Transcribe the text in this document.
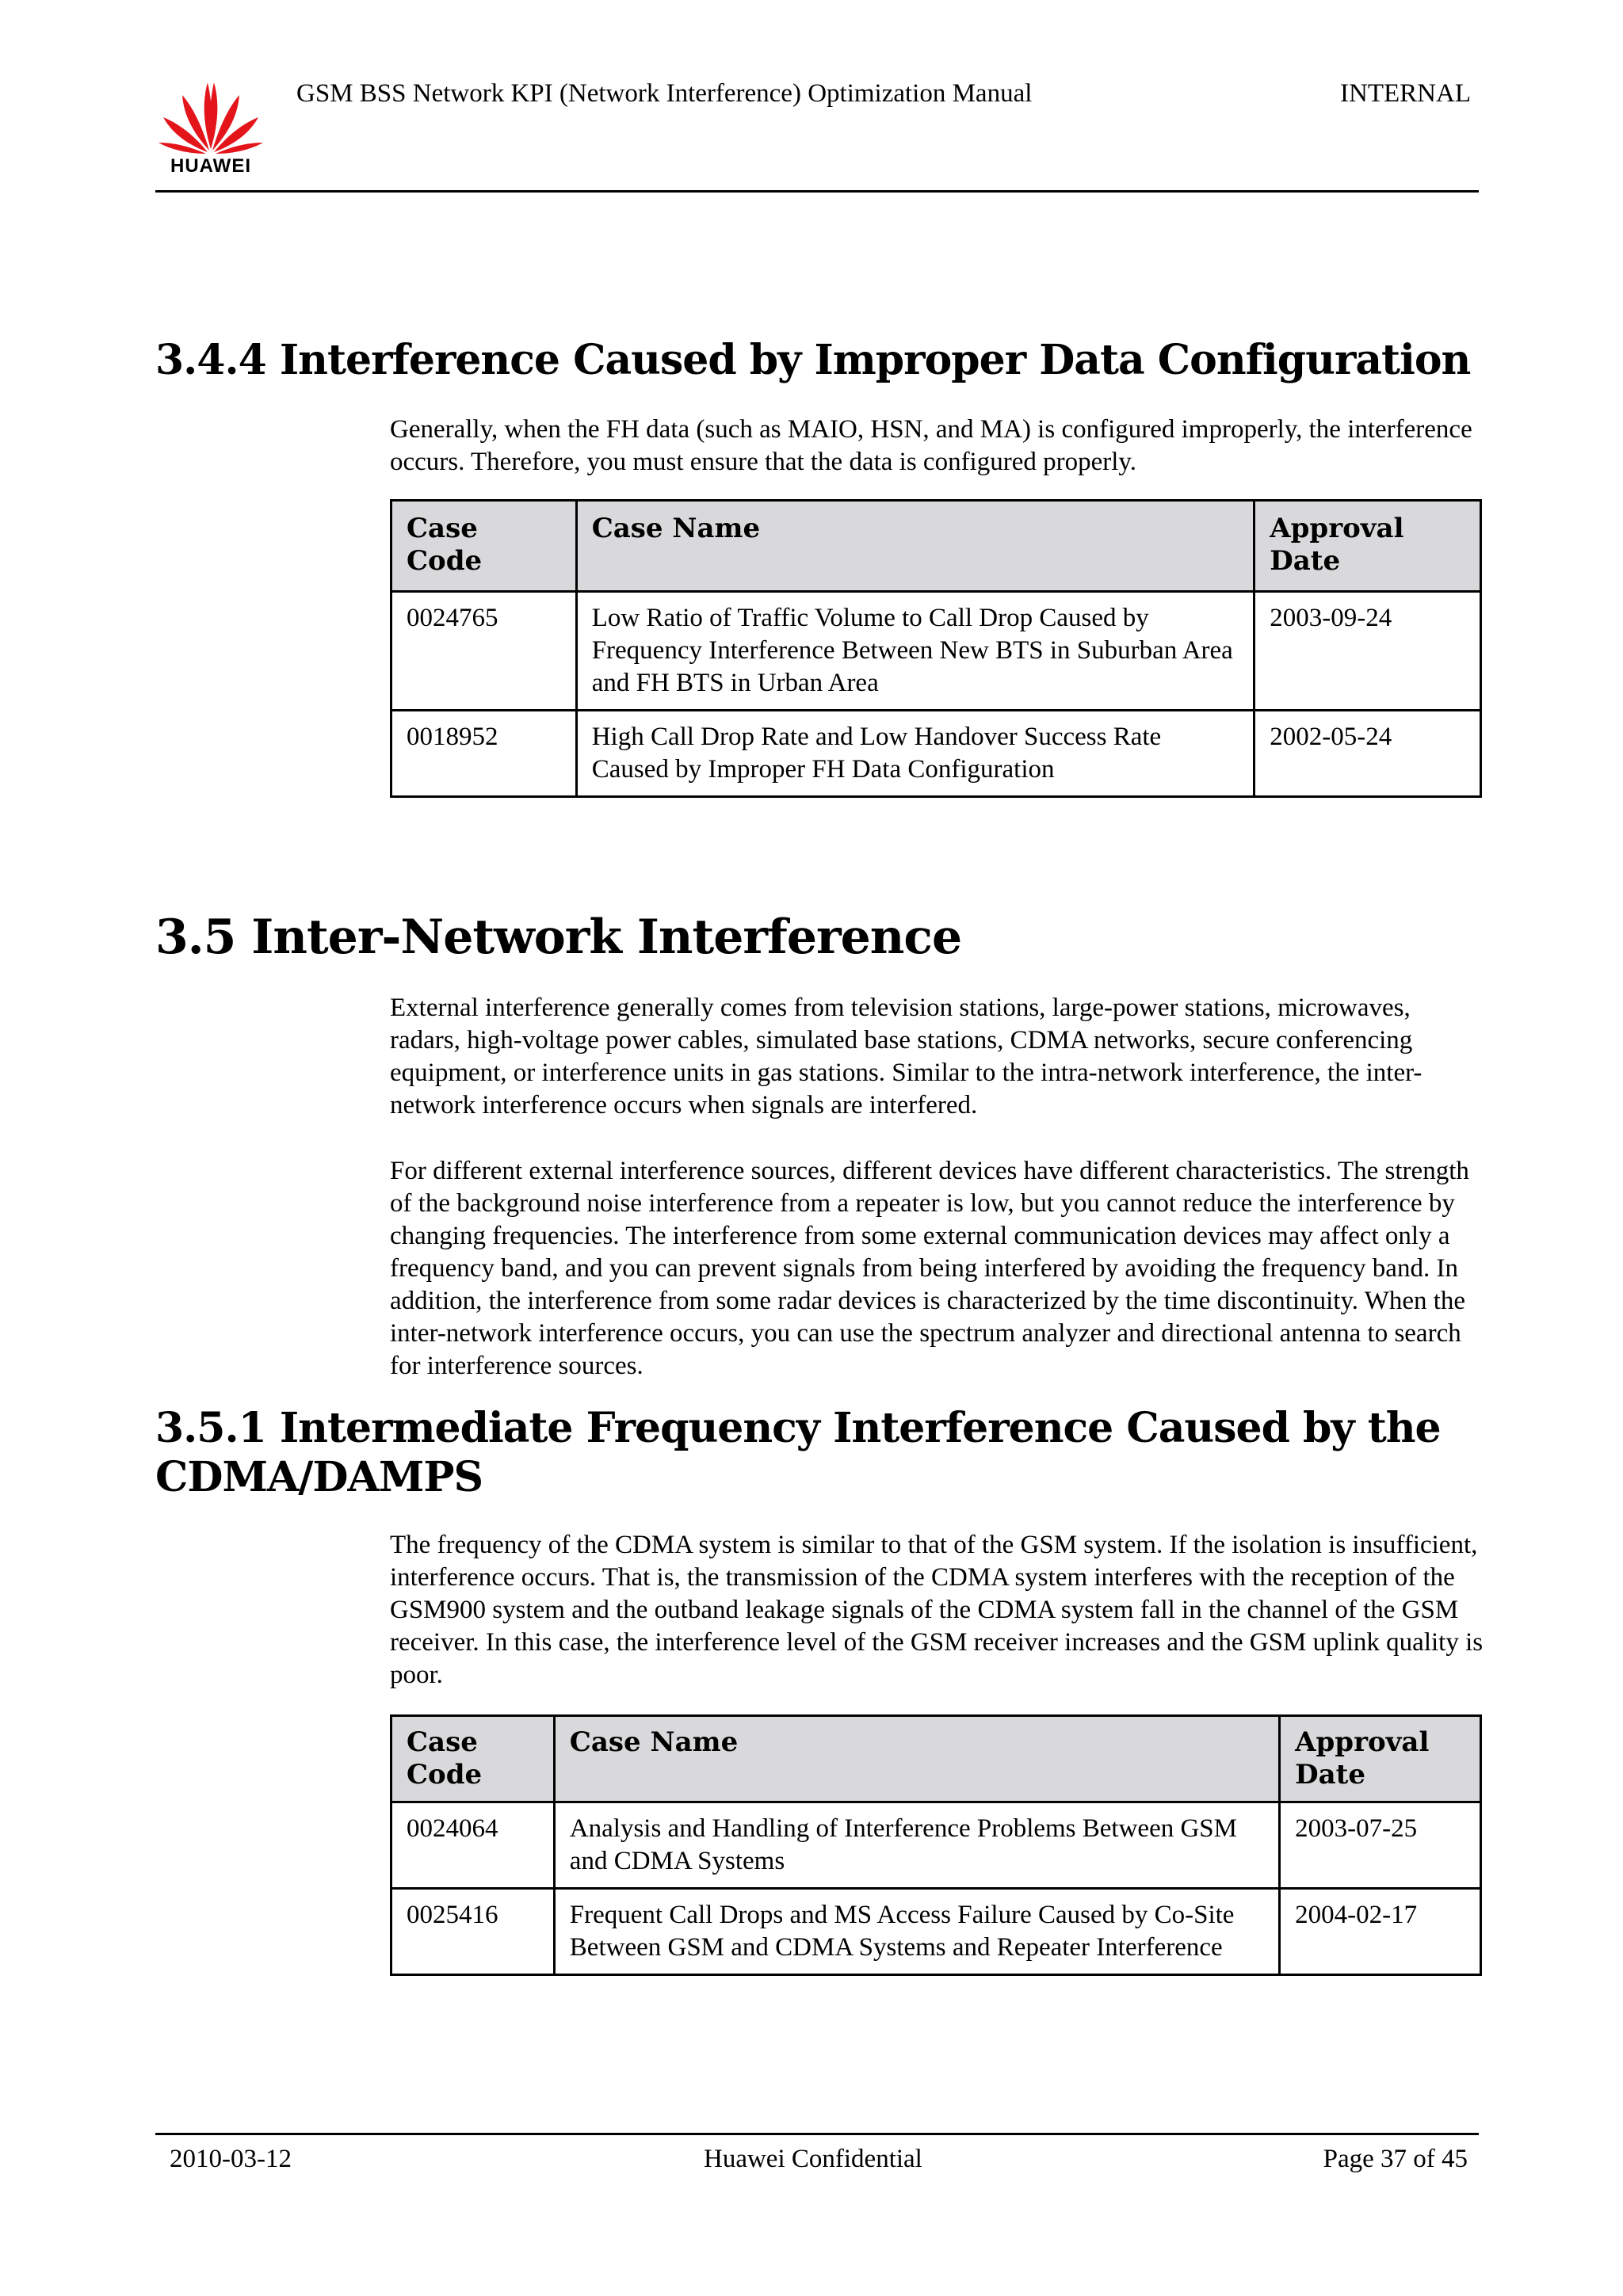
HUAWEI
GSM BSS Network KPI (Network Interference) Optimization Manual	INTERNAL
3.4.4 Interference Caused by Improper Data Configuration

Generally, when the FH data (such as MAIO, HSN, and MA) is configured improperly, the interference occurs. Therefore, you must ensure that the data is configured properly.

Case Code	Case Name	Approval Date
0024765	Low Ratio of Traffic Volume to Call Drop Caused by Frequency Interference Between New BTS in Suburban Area and FH BTS in Urban Area	2003-09-24
0018952	High Call Drop Rate and Low Handover Success Rate Caused by Improper FH Data Configuration	2002-05-24
3.5 Inter-Network Interference

External interference generally comes from television stations, large-power stations, microwaves, radars, high-voltage power cables, simulated base stations, CDMA networks, secure conferencing equipment, or interference units in gas stations. Similar to the intra-network interference, the inter-network interference occurs when signals are interfered.

For different external interference sources, different devices have different characteristics. The strength of the background noise interference from a repeater is low, but you cannot reduce the interference by changing frequencies. The interference from some external communication devices may affect only a frequency band, and you can prevent signals from being interfered by avoiding the frequency band. In addition, the interference from some radar devices is characterized by the time discontinuity. When the inter-network interference occurs, you can use the spectrum analyzer and directional antenna to search for interference sources.

3.5.1 Intermediate Frequency Interference Caused by the CDMA/DAMPS

The frequency of the CDMA system is similar to that of the GSM system. If the isolation is insufficient, interference occurs. That is, the transmission of the CDMA system interferes with the reception of the GSM900 system and the outband leakage signals of the CDMA system fall in the channel of the GSM receiver. In this case, the interference level of the GSM receiver increases and the GSM uplink quality is poor.

Case Code	Case Name	Approval Date
0024064	Analysis and Handling of Interference Problems Between GSM and CDMA Systems	2003-07-25
0025416	Frequent Call Drops and MS Access Failure Caused by Co-Site Between GSM and CDMA Systems and Repeater Interference	2004-02-17
2010-03-12	Huawei Confidential	Page 37 of 45
